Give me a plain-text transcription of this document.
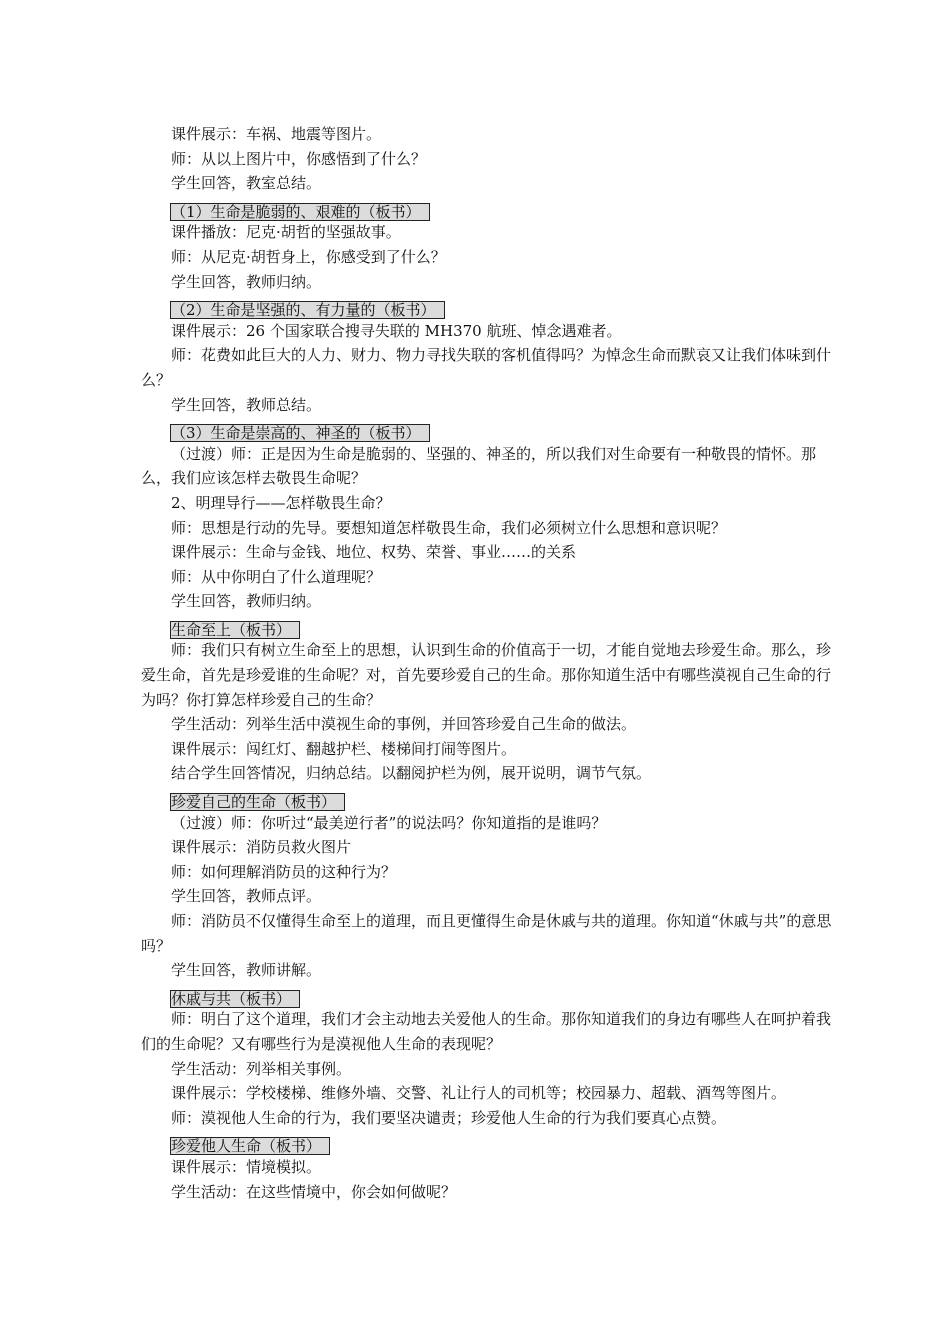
课件展示：车祸、地震等图片。

师：从以上图片中，你感悟到了什么？

学生回答，教室总结。

（1）生命是脆弱的、艰难的（板书）

课件播放：尼克·胡哲的坚强故事。

师：从尼克·胡哲身上，你感受到了什么？

学生回答，教师归纳。

（2）生命是坚强的、有力量的（板书）

课件展示：26 个国家联合搜寻失联的 MH370 航班、悼念遇难者。

师：花费如此巨大的人力、财力、物力寻找失联的客机值得吗？为悼念生命而默哀又让我们体味到什么？

学生回答，教师总结。

（3）生命是崇高的、神圣的（板书）

（过渡）师：正是因为生命是脆弱的、坚强的、神圣的，所以我们对生命要有一种敬畏的情怀。那么，我们应该怎样去敬畏生命呢？

2、明理导行——怎样敬畏生命？

师：思想是行动的先导。要想知道怎样敬畏生命，我们必须树立什么思想和意识呢？

课件展示：生命与金钱、地位、权势、荣誉、事业……的关系

师：从中你明白了什么道理呢？

学生回答，教师归纳。

生命至上（板书）

师：我们只有树立生命至上的思想，认识到生命的价值高于一切，才能自觉地去珍爱生命。那么，珍爱生命，首先是珍爱谁的生命呢？对，首先要珍爱自己的生命。那你知道生活中有哪些漠视自己生命的行为吗？你打算怎样珍爱自己的生命？

学生活动：列举生活中漠视生命的事例，并回答珍爱自己生命的做法。

课件展示：闯红灯、翻越护栏、楼梯间打闹等图片。

结合学生回答情况，归纳总结。以翻阅护栏为例，展开说明，调节气氛。

珍爱自己的生命（板书）

（过渡）师：你听过“最美逆行者”的说法吗？你知道指的是谁吗？

课件展示：消防员救火图片

师：如何理解消防员的这种行为？

学生回答，教师点评。

师：消防员不仅懂得生命至上的道理，而且更懂得生命是休戚与共的道理。你知道“休戚与共”的意思吗？

学生回答，教师讲解。

休戚与共（板书）

师：明白了这个道理，我们才会主动地去关爱他人的生命。那你知道我们的身边有哪些人在呵护着我们的生命呢？又有哪些行为是漠视他人生命的表现呢？

学生活动：列举相关事例。

课件展示：学校楼梯、维修外墙、交警、礼让行人的司机等；校园暴力、超载、酒驾等图片。

师：漠视他人生命的行为，我们要坚决谴责；珍爱他人生命的行为我们要真心点赞。

珍爱他人生命（板书）

课件展示：情境模拟。

学生活动：在这些情境中，你会如何做呢？
